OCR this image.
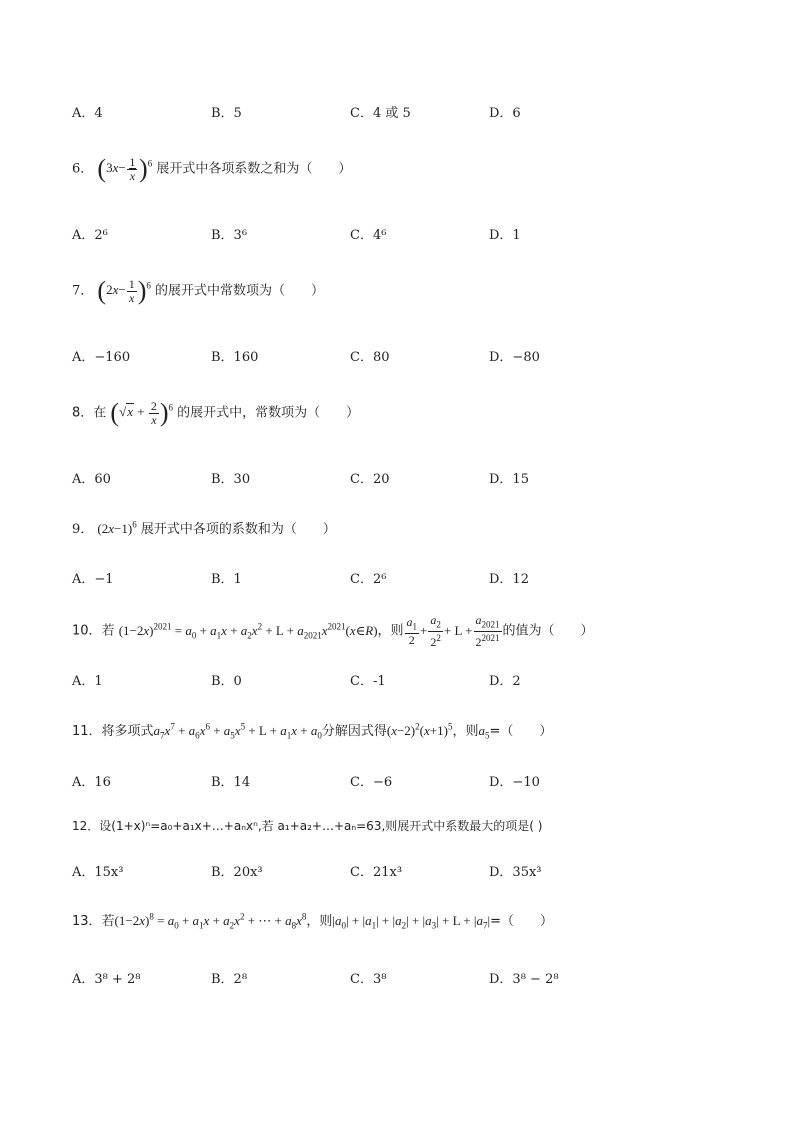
A．4	B．5	C．4 或 5	D．6
6． $(3x- \frac{1}{x} )^6$ 展开式中各项系数之和为（　　）
A．2⁶	B．3⁶	C．4⁶	D．1
7． $(2x- \frac{1}{x} )^6$ 的展开式中常数项为（　　）
A．−160	B．160	C．80	D．−80
8．在 $(√x + \frac{2}{x} )^6$ 的展开式中，常数项为（　　）
A．60	B．30	C．20	D．15
9． $(2x-1)^6$ 展开式中各项的系数和为（　　）
A．−1	B．1	C．2⁶	D．12
10．若 $(1-2x)^{2021} = a_0 + a_1x + a_2x^2 + L$ + $a_{2021}x^{2021}(x\in R)$，则 $\frac{a_1}{2} + \frac{a_2}{2^2} + L + \frac{a_{2021}}{2^{2021}}$ 的值为（　　）
A．1	B．0	C．-1	D．2
11．将多项式$a_7x^7 + a_6x^6 + a_5x^5 + L + a_1x + a_0$分解因式得$(x-2)^2(x+1)^5$，则$a_5=$（　　）
A．16	B．14	C．−6	D．−10
12．设(1+x)ⁿ=a₀+a₁x+…+aₙxⁿ,若 a₁+a₂+…+aₙ=63,则展开式中系数最大的项是( )
A．15x³	B．20x³	C．21x³	D．35x³
13．若$(1-2x)^8 = a_0 + a_1x + a_2x^2$ + ⋯ + $a_8x^8$，则$|a_0| + |a_1| + |a_2| + |a_3| + L + |a_7|=$（　　）
A．3⁸ + 2⁸	B．2⁸	C．3⁸	D．3⁸ − 2⁸
